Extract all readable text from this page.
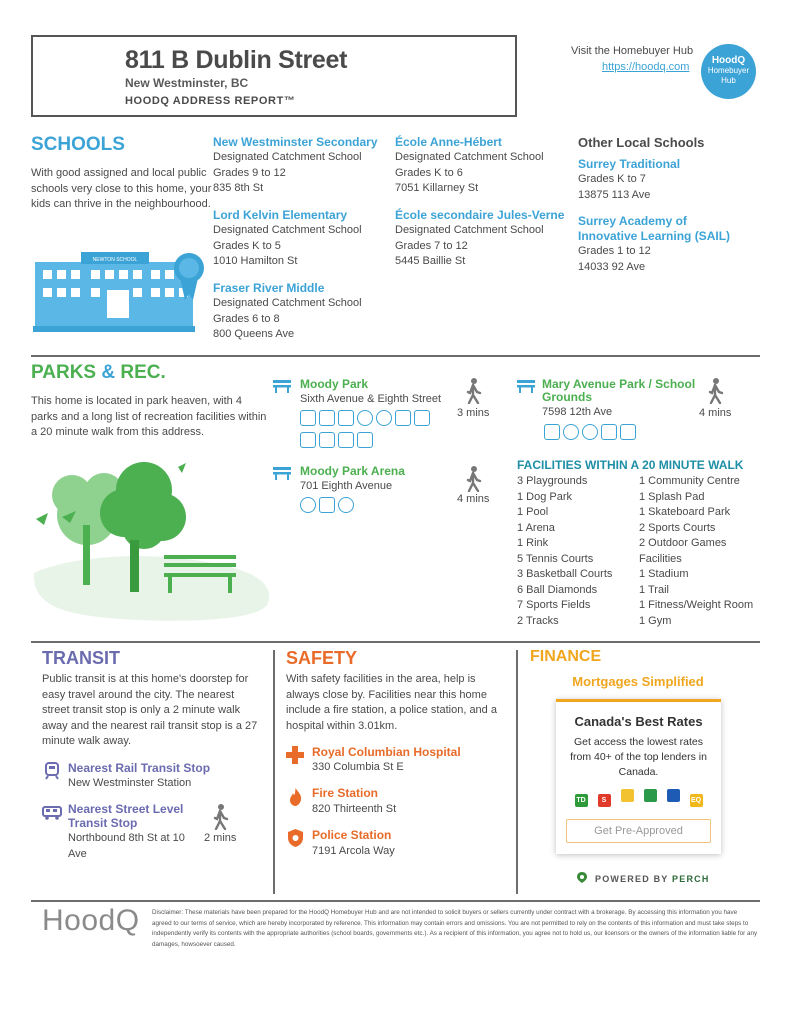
811 B Dublin Street
New Westminster, BC
HOODQ ADDRESS REPORT™
Visit the Homebuyer Hub
https://hoodq.com
HoodQ
Homebuyer
Hub
SCHOOLS
With good assigned and local public schools very close to this home, your kids can thrive in the neighbourhood.
NEWTON SCHOOL
New Westminster Secondary
Designated Catchment School
Grades 9 to 12
835 8th St
Lord Kelvin Elementary
Designated Catchment School
Grades K to 5
1010 Hamilton St
Fraser River Middle
Designated Catchment School
Grades 6 to 8
800 Queens Ave
École Anne-Hébert
Designated Catchment School
Grades K to 6
7051 Killarney St
École secondaire Jules-Verne
Designated Catchment School
Grades 7 to 12
5445 Baillie St
Other Local Schools
Surrey Traditional
Grades K to 7
13875 113 Ave
Surrey Academy of
Innovative Learning (SAIL)
Grades 1 to 12
14033 92 Ave
PARKS & REC.
This home is located in park heaven, with 4 parks and a long list of recreation facilities within a 20 minute walk from this address.
Moody Park
Sixth Avenue & Eighth Street
3 mins
Mary Avenue Park / School
Grounds
7598 12th Ave	4 mins
Moody Park Arena
701 Eighth Avenue
4 mins
FACILITIES WITHIN A 20 MINUTE WALK
3 Playgrounds
1 Dog Park
1 Pool
1 Arena
1 Rink
5 Tennis Courts
3 Basketball Courts
6 Ball Diamonds
7 Sports Fields
2 Tracks
1 Community Centre
1 Splash Pad
1 Skateboard Park
2 Sports Courts
2 Outdoor Games
Facilities
1 Stadium
1 Trail
1 Fitness/Weight Room
1 Gym
TRANSIT
Public transit is at this home's doorstep for easy travel around the city. The nearest street transit stop is only a 2 minute walk away and the nearest rail transit stop is a 27 minute walk away.
Nearest Rail Transit Stop
New Westminster Station
Nearest Street Level
Transit Stop
Northbound 8th St at 10
Ave
2 mins
SAFETY
With safety facilities in the area, help is always close by. Facilities near this home include a fire station, a police station, and a hospital within 3.01km.
Royal Columbian Hospital
330 Columbia St E
Fire Station
820 Thirteenth St
Police Station
7191 Arcola Way
FINANCE
Mortgages Simplified
Canada's Best Rates
Get access the lowest rates from 40+ of the top lenders in Canada.
TD S	EQ
Get Pre-Approved
POWERED BY PERCH
HoodQ Disclaimer: These materials have been prepared for the HoodQ Homebuyer Hub and are not intended to solicit buyers or sellers currently under contract with a brokerage. By accessing this information you have agreed to our terms of service, which are hereby incorporated by reference. This information may contain errors and omissions. You are not permitted to rely on the contents of this information and must take steps to independently verify its contents with the appropriate authorities (school boards, governments etc.). As a recipient of this information, you agree not to hold us, our licensors or the owners of the information liable for any damages, howsoever caused.
